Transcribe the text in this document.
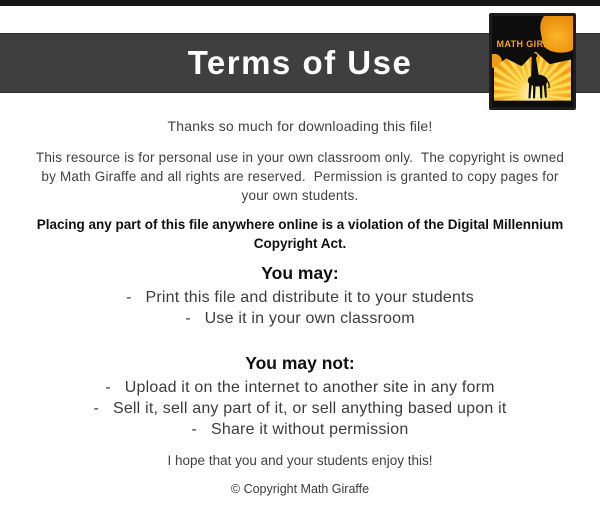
Terms of Use
MATH GIRAFFE
Thanks so much for downloading this file!
This resource is for personal use in your own classroom only.  The copyright is owned by Math Giraffe and all rights are reserved.  Permission is granted to copy pages for your own students.
Placing any part of this file anywhere online is a violation of the Digital Millennium Copyright Act.
You may:
-   Print this file and distribute it to your students
-   Use it in your own classroom
You may not:
-   Upload it on the internet to another site in any form
-   Sell it, sell any part of it, or sell anything based upon it
-   Share it without permission
I hope that you and your students enjoy this!
© Copyright Math Giraffe
